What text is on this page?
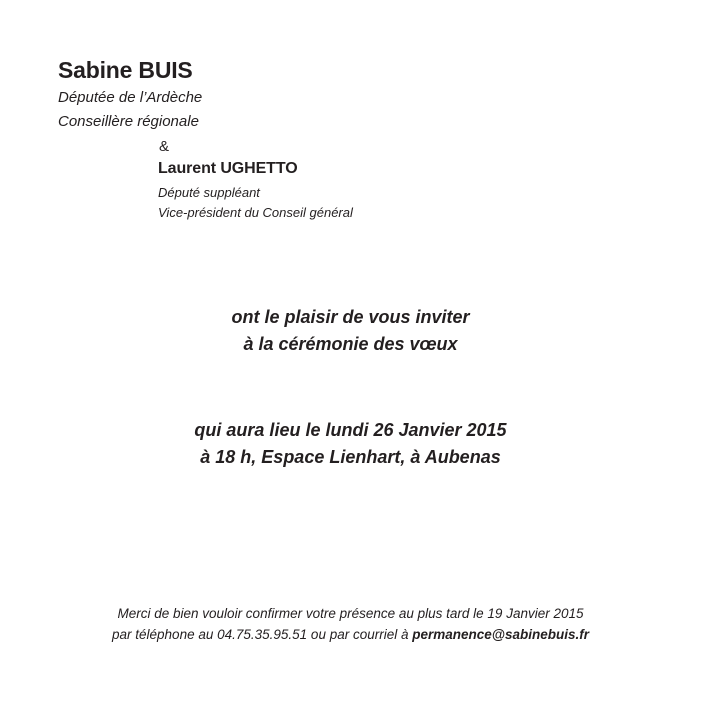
Sabine BUIS
Députée de l’Ardèche
Conseillère régionale
&
Laurent UGHETTO
Député suppléant
Vice-président du Conseil général
ont le plaisir de vous inviter
à la cérémonie des vœux
qui aura lieu le lundi 26 Janvier 2015
à 18 h, Espace Lienhart, à Aubenas
Merci de bien vouloir confirmer votre présence au plus tard le 19 Janvier 2015
par téléphone au 04.75.35.95.51 ou par courriel à permanence@sabinebuis.fr
